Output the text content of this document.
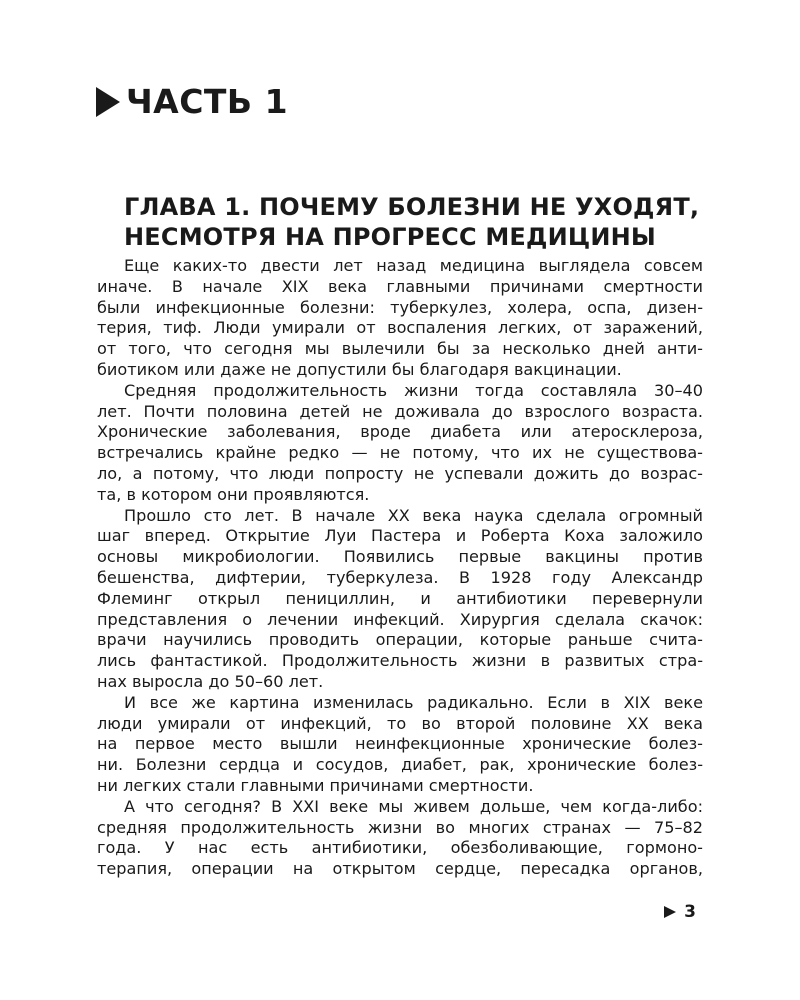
ЧАСТЬ 1
ГЛАВА 1. ПОЧЕМУ БОЛЕЗНИ НЕ УХОДЯТ,
НЕСМОТРЯ НА ПРОГРЕСС МЕДИЦИНЫ
Еще каких-то двести лет назад медицина выглядела совсем
иначе. В начале XIX века главными причинами смертности
были инфекционные болезни: туберкулез, холера, оспа, дизен-
терия, тиф. Люди умирали от воспаления легких, от заражений,
от того, что сегодня мы вылечили бы за несколько дней анти-
биотиком или даже не допустили бы благодаря вакцинации.
Средняя продолжительность жизни тогда составляла 30–40
лет. Почти половина детей не доживала до взрослого возраста.
Хронические заболевания, вроде диабета или атеросклероза,
встречались крайне редко — не потому, что их не существова-
ло, а потому, что люди попросту не успевали дожить до возрас-
та, в котором они проявляются.
Прошло сто лет. В начале XX века наука сделала огромный
шаг вперед. Открытие Луи Пастера и Роберта Коха заложило
основы микробиологии. Появились первые вакцины против
бешенства, дифтерии, туберкулеза. В 1928 году Александр
Флеминг открыл пенициллин, и антибиотики перевернули
представления о лечении инфекций. Хирургия сделала скачок:
врачи научились проводить операции, которые раньше счита-
лись фантастикой. Продолжительность жизни в развитых стра-
нах выросла до 50–60 лет.
И все же картина изменилась радикально. Если в XIX веке
люди умирали от инфекций, то во второй половине XX века
на первое место вышли неинфекционные хронические болез-
ни. Болезни сердца и сосудов, диабет, рак, хронические болез-
ни легких стали главными причинами смертности.
А что сегодня? В XXI веке мы живем дольше, чем когда-либо:
средняя продолжительность жизни во многих странах — 75–82
года. У нас есть антибиотики, обезболивающие, гормоно-
терапия, операции на открытом сердце, пересадка органов,
3
